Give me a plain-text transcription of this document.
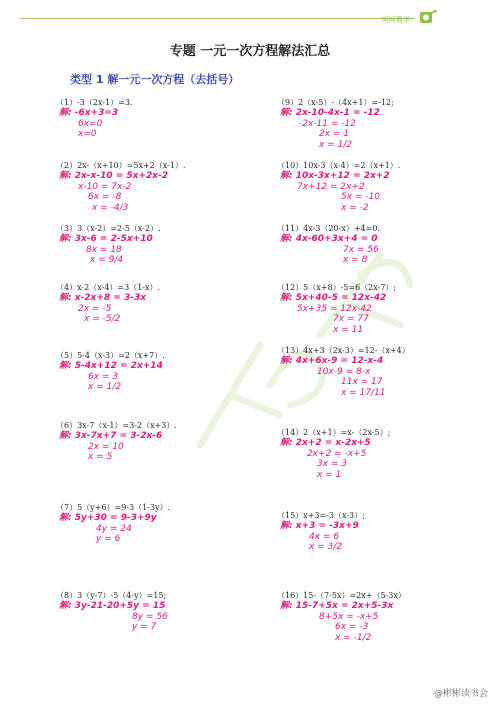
呵呵教学
专题 一元一次方程解法汇总
类型 1 解一元一次方程（去括号）
（1）-3（2x-1）=3.
解: -6x+3=3
6x=0
x=0
（2）2x-（x+10）=5x+2（x-1）.
解: 2x-x-10 = 5x+2x-2
x-10 = 7x-2
6x = -8
x = -4/3
（3）3（x-2）=2-5（x-2）.
解: 3x-6 = 2-5x+10
8x = 18
x = 9/4
（4）x-2（x-4）=3（1-x）.
解: x-2x+8 = 3-3x
2x = -5
x = -5/2
（5）5-4（x-3）=2（x+7）.
解: 5-4x+12 = 2x+14
6x = 3
x = 1/2
（6）3x-7（x-1）=3-2（x+3）.
解: 3x-7x+7 = 3-2x-6
2x = 10
x = 5
（7）5（y+6）=9-3（1-3y）.
解: 5y+30 = 9-3+9y
4y = 24
y = 6
（8）3（y-7）-5（4-y）=15;
解: 3y-21-20+5y = 15
8y = 56
y = 7
（9）2（x-5）-（4x+1）=-12;
解: 2x-10-4x-1 = -12
-2x-11 = -12
2x = 1
x = 1/2
（10）10x-3（x-4）=2（x+1）.
解: 10x-3x+12 = 2x+2
7x+12 = 2x+2
5x = -10
x = -2
（11）4x-3（20-x）+4=0.
解: 4x-60+3x+4 = 0
7x = 56
x = 8
（12）5（x+8）-5=6（2x-7）;
解: 5x+40-5 = 12x-42
5x+35 = 12x-42
7x = 77
x = 11
（13）4x+3（2x-3）=12-（x+4）
解: 4x+6x-9 = 12-x-4
10x-9 = 8-x
11x = 17
x = 17/11
（14）2（x+1）=x-（2x-5）;
解: 2x+2 = x-2x+5
2x+2 = -x+5
3x = 3
x = 1
（15）x+3=-3（x-3）;
解: x+3 = -3x+9
4x = 6
x = 3/2
（16）15-（7-5x）=2x+（5-3x）
解: 15-7+5x = 2x+5-3x
8+5x = -x+5
6x = -3
x = -1/2
@彬彬读书会
